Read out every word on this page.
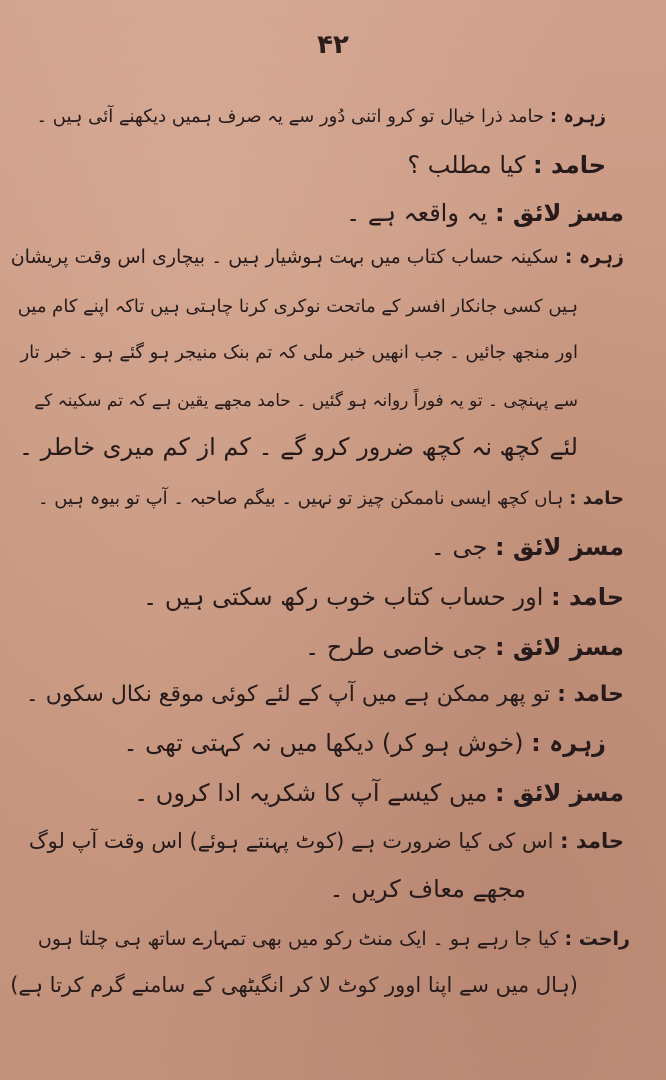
۴۲
زہرہ : حامد ذرا خیال تو کرو اتنی دُور سے یہ صرف ہمیں دیکھنے آئی ہیں ۔
حامد : کیا مطلب ؟
مسز لائق : یہ واقعہ ہے ۔
زہرہ : سکینہ حساب کتاب میں بہت ہوشیار ہیں ۔ بیچاری اس وقت پریشان
ہیں کسی جانکار افسر کے ماتحت نوکری کرنا چاہتی ہیں تاکہ اپنے کام میں
اور منجھ جائیں ۔ جب انھیں خبر ملی کہ تم بنک منیجر ہو گئے ہو ۔ خبر تار
سے پہنچی ۔ تو یہ فوراً روانہ ہو گئیں ۔ حامد مجھے یقین ہے کہ تم سکینہ کے
لئے کچھ نہ کچھ ضرور کرو گے ۔ کم از کم میری خاطر ۔
حامد : ہاں کچھ ایسی ناممکن چیز تو نہیں ۔ بیگم صاحبہ ۔ آپ تو بیوہ ہیں ۔
مسز لائق : جی ۔
حامد : اور حساب کتاب خوب رکھ سکتی ہیں ۔
مسز لائق : جی خاصی طرح ۔
حامد : تو پھر ممکن ہے میں آپ کے لئے کوئی موقع نکال سکوں ۔
زہرہ : (خوش ہو کر) دیکھا میں نہ کہتی تھی ۔
مسز لائق : میں کیسے آپ کا شکریہ ادا کروں ۔
حامد : اس کی کیا ضرورت ہے (کوٹ پہنتے ہوئے) اس وقت آپ لوگ
مجھے معاف کریں ۔
راحت : کیا جا رہے ہو ۔ ایک منٹ رکو میں بھی تمہارے ساتھ ہی چلتا ہوں
(ہال میں سے اپنا اوور کوٹ لا کر انگیٹھی کے سامنے گرم کرتا ہے)
